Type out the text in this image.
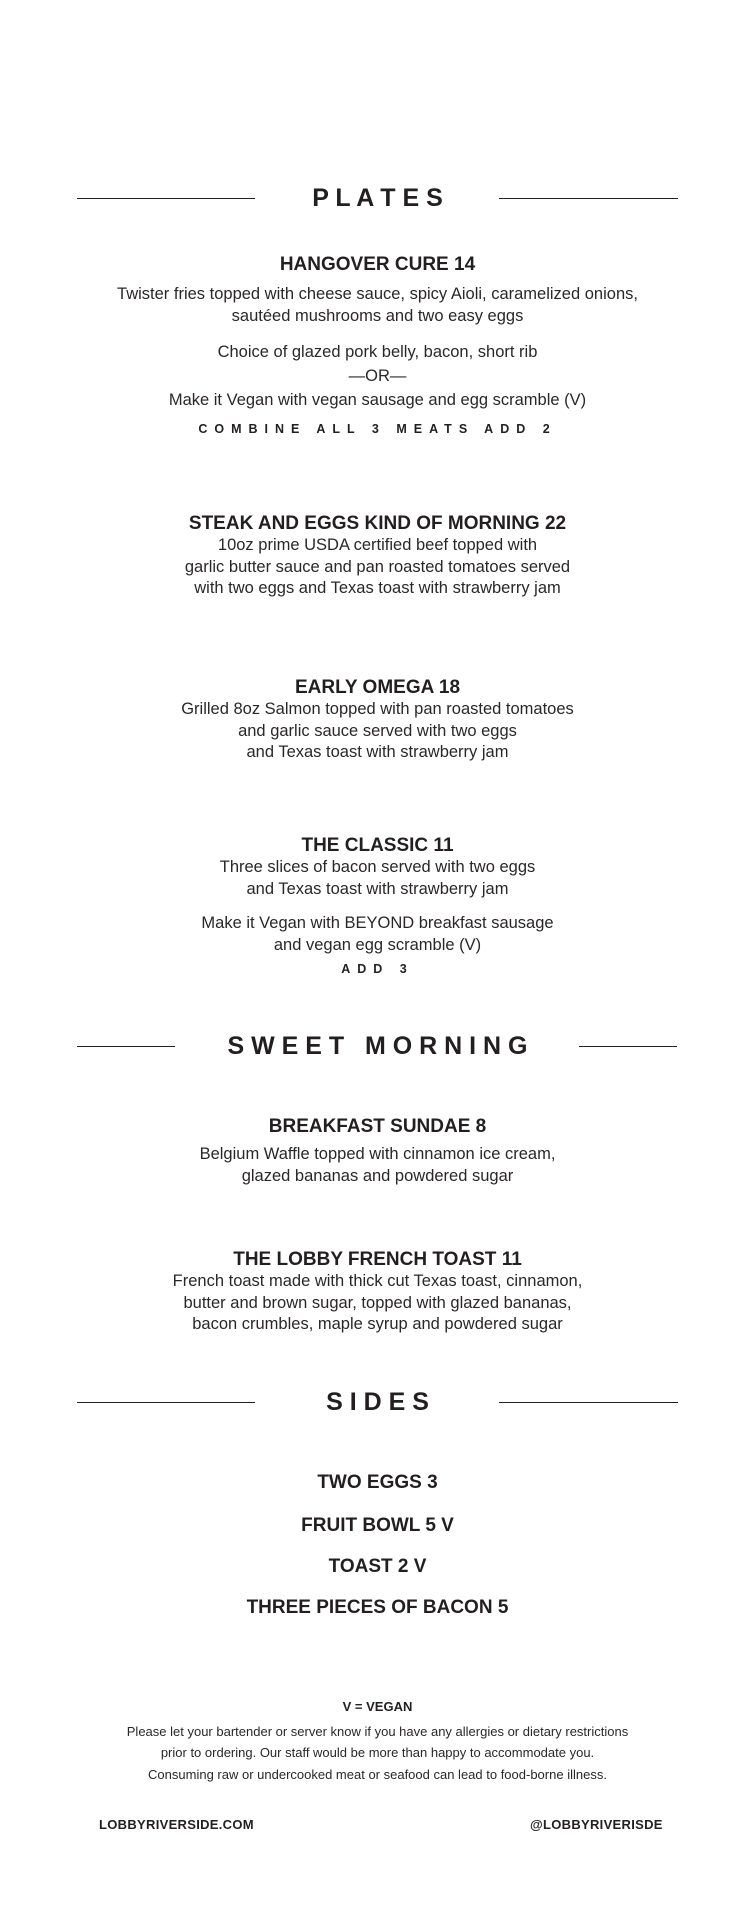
P L A T E S

HANGOVER CURE 14

Twister fries topped with cheese sauce, spicy Aioli, caramelized onions,

sautéed mushrooms and two easy eggs

Choice of glazed pork belly, bacon, short rib

—OR—

Make it Vegan with vegan sausage and egg scramble (V)

COMBINE ALL 3 MEATS ADD 2

STEAK AND EGGS KIND OF MORNING 22

10oz prime USDA certified beef topped with

garlic butter sauce and pan roasted tomatoes served

with two eggs and Texas toast with strawberry jam

EARLY OMEGA 18

Grilled 8oz Salmon topped with pan roasted tomatoes

and garlic sauce served with two eggs

and Texas toast with strawberry jam

THE CLASSIC 11

Three slices of bacon served with two eggs

and Texas toast with strawberry jam

Make it Vegan with BEYOND breakfast sausage

and vegan egg scramble (V)

ADD 3

S W E E T   M O R N I N G

BREAKFAST SUNDAE 8

Belgium Waffle topped with cinnamon ice cream,

glazed bananas and powdered sugar

THE LOBBY FRENCH TOAST 11

French toast made with thick cut Texas toast, cinnamon,

butter and brown sugar, topped with glazed bananas,

bacon crumbles, maple syrup and powdered sugar

S I D E S
TWO EGGS 3
FRUIT BOWL 5 V
TOAST 2 V
THREE PIECES OF BACON 5
V = VEGAN
Please let your bartender or server know if you have any allergies or dietary restrictions
prior to ordering. Our staff would be more than happy to accommodate you.
Consuming raw or undercooked meat or seafood can lead to food-borne illness.
LOBBYRIVERSIDE.COM	@LOBBYRIVERISDE
